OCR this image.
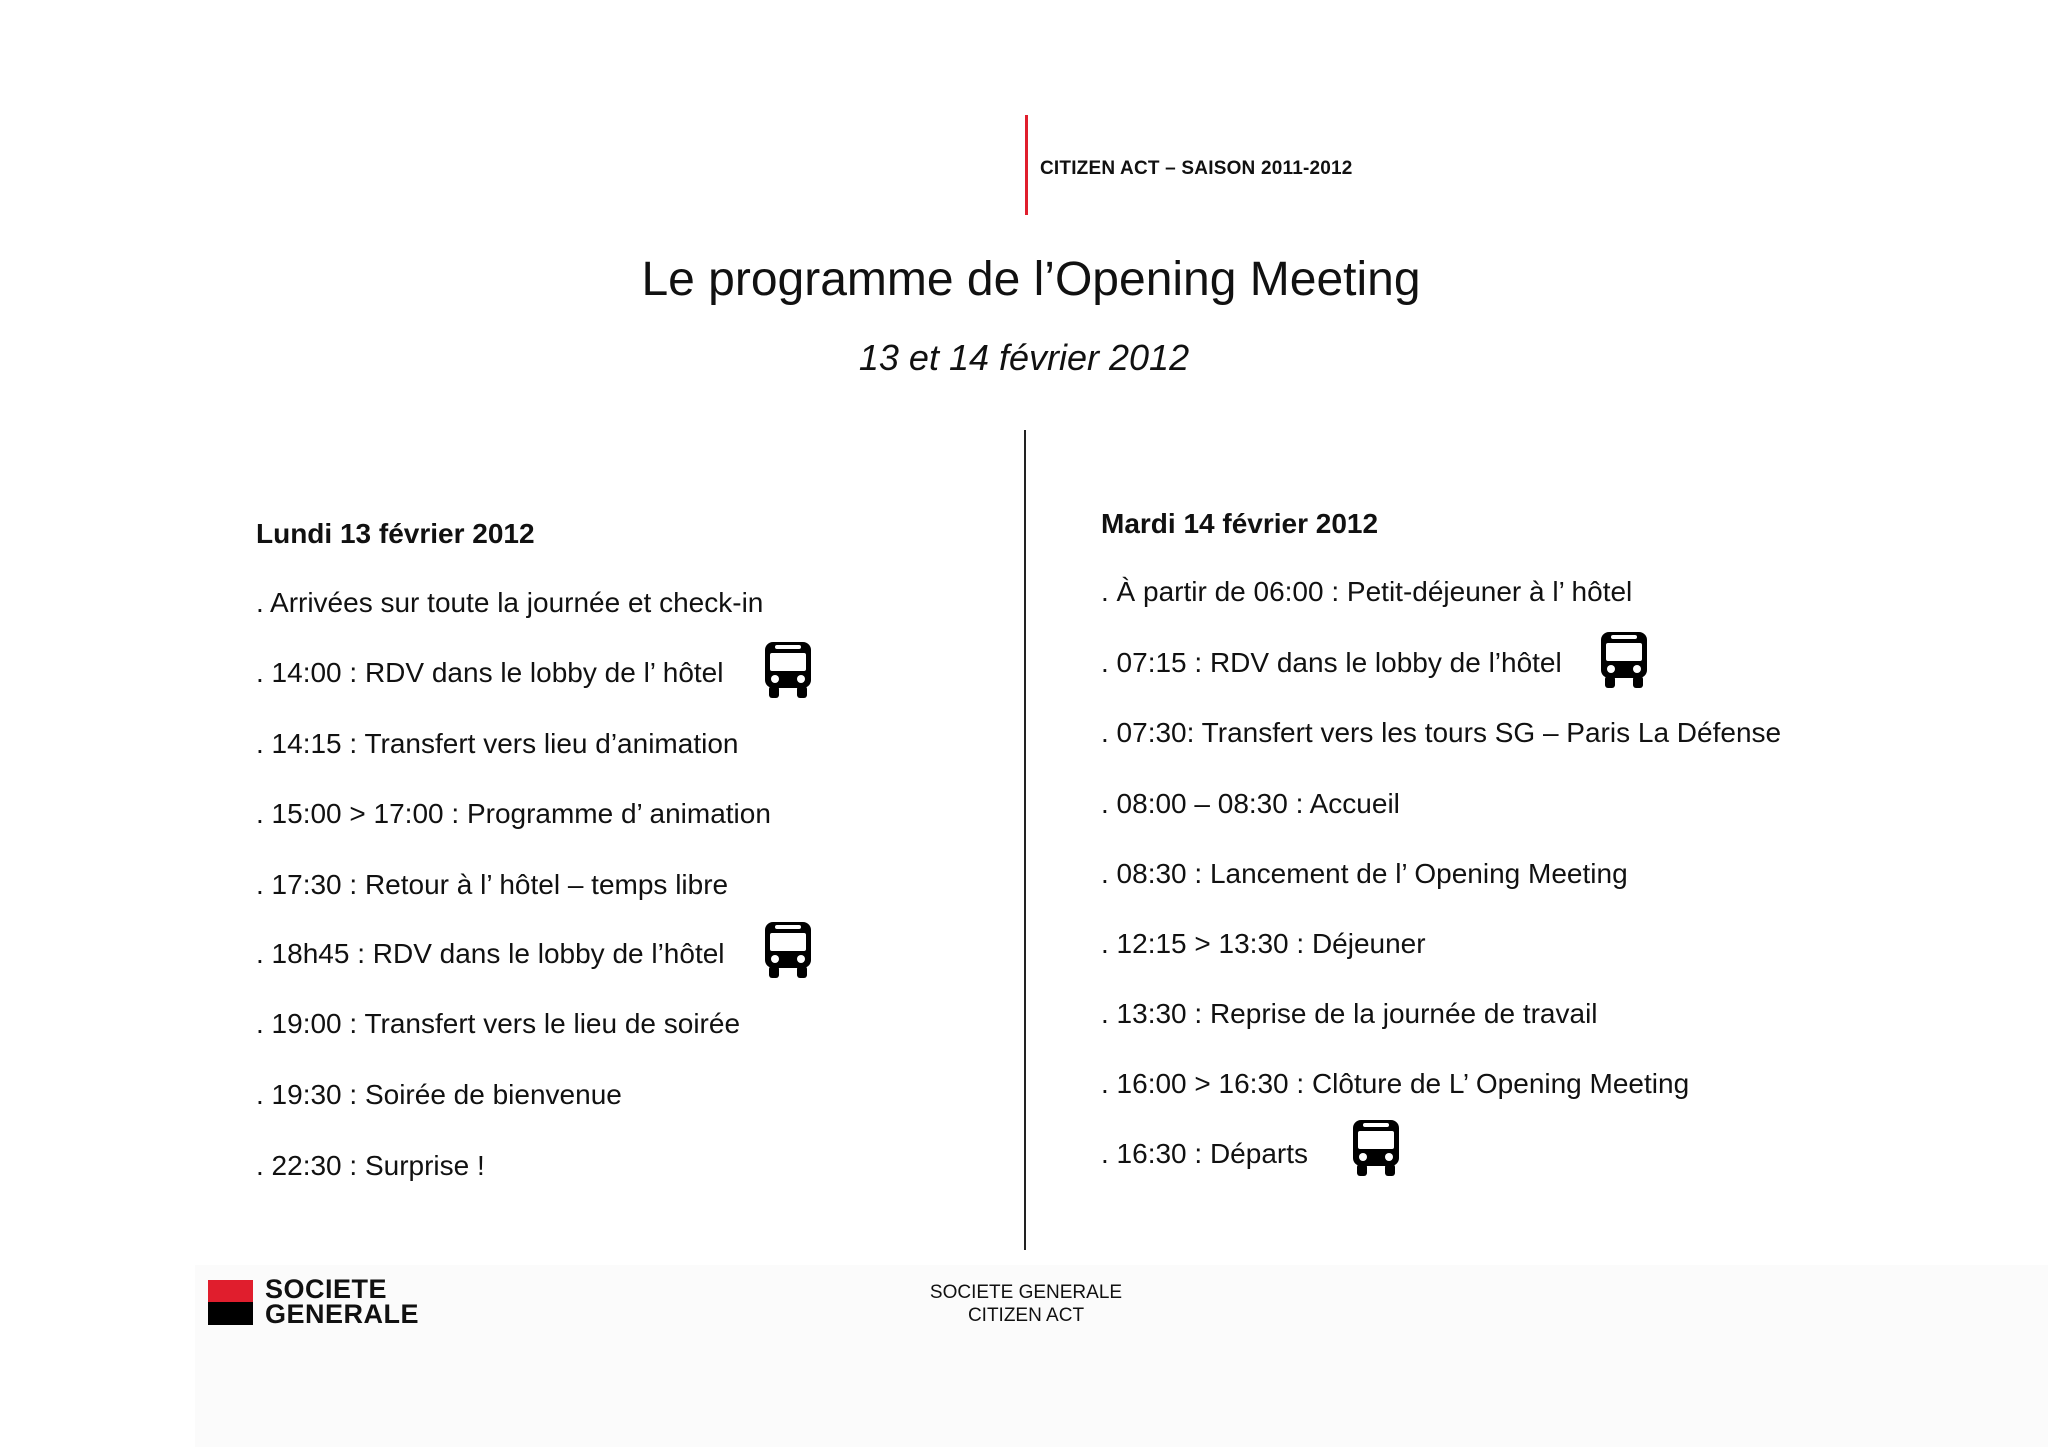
CITIZEN ACT – SAISON 2011-2012
Le programme de l’Opening Meeting
13 et 14 février 2012
Lundi 13 février 2012
. Arrivées sur toute la journée et check-in
. 14:00 : RDV dans le lobby de l’ hôtel
. 14:15 : Transfert vers lieu d’animation
. 15:00 > 17:00 : Programme d’ animation
. 17:30 : Retour à l’ hôtel – temps libre
. 18h45 : RDV dans le lobby de l’hôtel
. 19:00 : Transfert vers le lieu de soirée
. 19:30 : Soirée de bienvenue
. 22:30 : Surprise !
Mardi 14 février 2012
. À partir de 06:00 : Petit-déjeuner à l’ hôtel
. 07:15 : RDV dans le lobby de l’hôtel
. 07:30: Transfert vers les tours SG – Paris La Défense
. 08:00 – 08:30 : Accueil
. 08:30 : Lancement de l’ Opening Meeting
. 12:15 > 13:30 : Déjeuner
. 13:30 : Reprise de la journée de travail
. 16:00 > 16:30 : Clôture de L’ Opening Meeting
. 16:30 : Départs
SOCIETE
GENERALE
SOCIETE GENERALE
CITIZEN ACT
